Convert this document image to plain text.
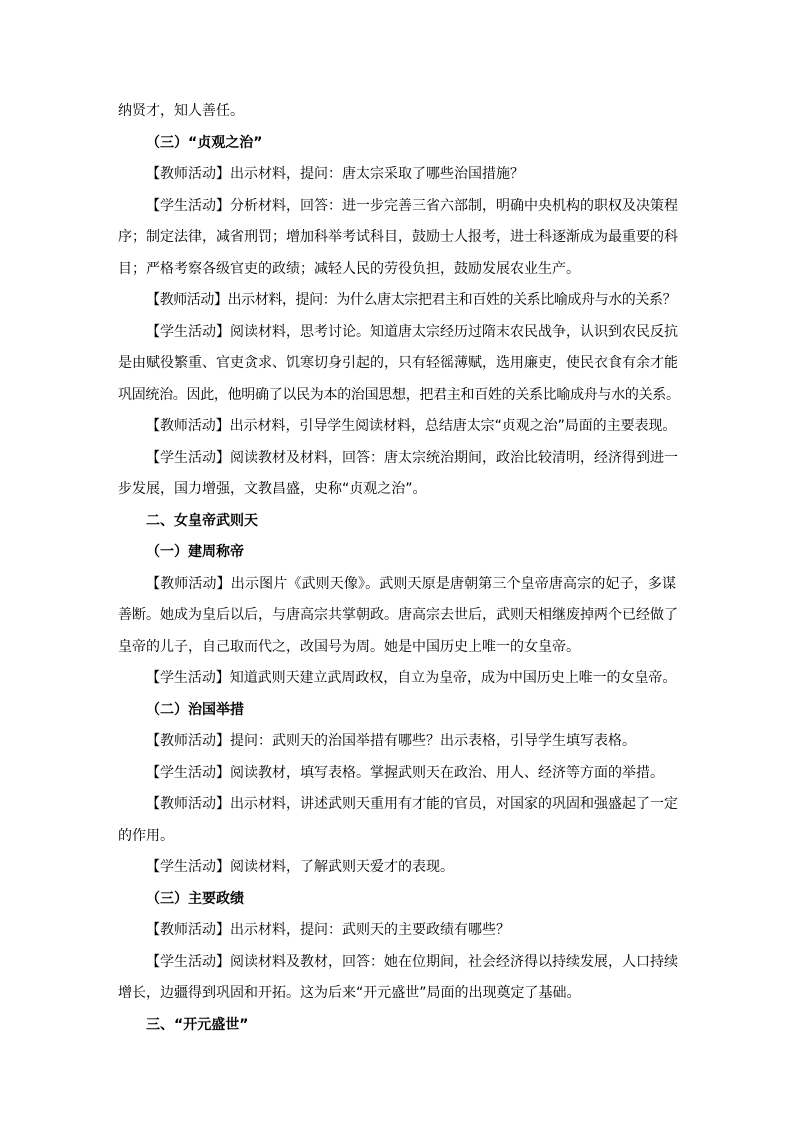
纳贤才，知人善任。
（三）“贞观之治”
【教师活动】出示材料，提问：唐太宗采取了哪些治国措施？
【学生活动】分析材料，回答：进一步完善三省六部制，明确中央机构的职权及决策程
序；制定法律，减省刑罚；增加科举考试科目，鼓励士人报考，进士科逐渐成为最重要的科
目；严格考察各级官吏的政绩；减轻人民的劳役负担，鼓励发展农业生产。
【教师活动】出示材料，提问：为什么唐太宗把君主和百姓的关系比喻成舟与水的关系？
【学生活动】阅读材料，思考讨论。知道唐太宗经历过隋末农民战争，认识到农民反抗
是由赋役繁重、官吏贪求、饥寒切身引起的，只有轻徭薄赋，选用廉吏，使民衣食有余才能
巩固统治。因此，他明确了以民为本的治国思想，把君主和百姓的关系比喻成舟与水的关系。
【教师活动】出示材料，引导学生阅读材料，总结唐太宗“贞观之治”局面的主要表现。
【学生活动】阅读教材及材料，回答：唐太宗统治期间，政治比较清明，经济得到进一
步发展，国力增强，文教昌盛，史称“贞观之治”。
二、女皇帝武则天
（一）建周称帝
【教师活动】出示图片《武则天像》。武则天原是唐朝第三个皇帝唐高宗的妃子，多谋
善断。她成为皇后以后，与唐高宗共掌朝政。唐高宗去世后，武则天相继废掉两个已经做了
皇帝的儿子，自己取而代之，改国号为周。她是中国历史上唯一的女皇帝。
【学生活动】知道武则天建立武周政权，自立为皇帝，成为中国历史上唯一的女皇帝。
（二）治国举措
【教师活动】提问：武则天的治国举措有哪些？出示表格，引导学生填写表格。
【学生活动】阅读教材，填写表格。掌握武则天在政治、用人、经济等方面的举措。
【教师活动】出示材料，讲述武则天重用有才能的官员，对国家的巩固和强盛起了一定
的作用。
【学生活动】阅读材料，了解武则天爱才的表现。
（三）主要政绩
【教师活动】出示材料，提问：武则天的主要政绩有哪些？
【学生活动】阅读材料及教材，回答：她在位期间，社会经济得以持续发展，人口持续
增长，边疆得到巩固和开拓。这为后来“开元盛世”局面的出现奠定了基础。
三、“开元盛世”
